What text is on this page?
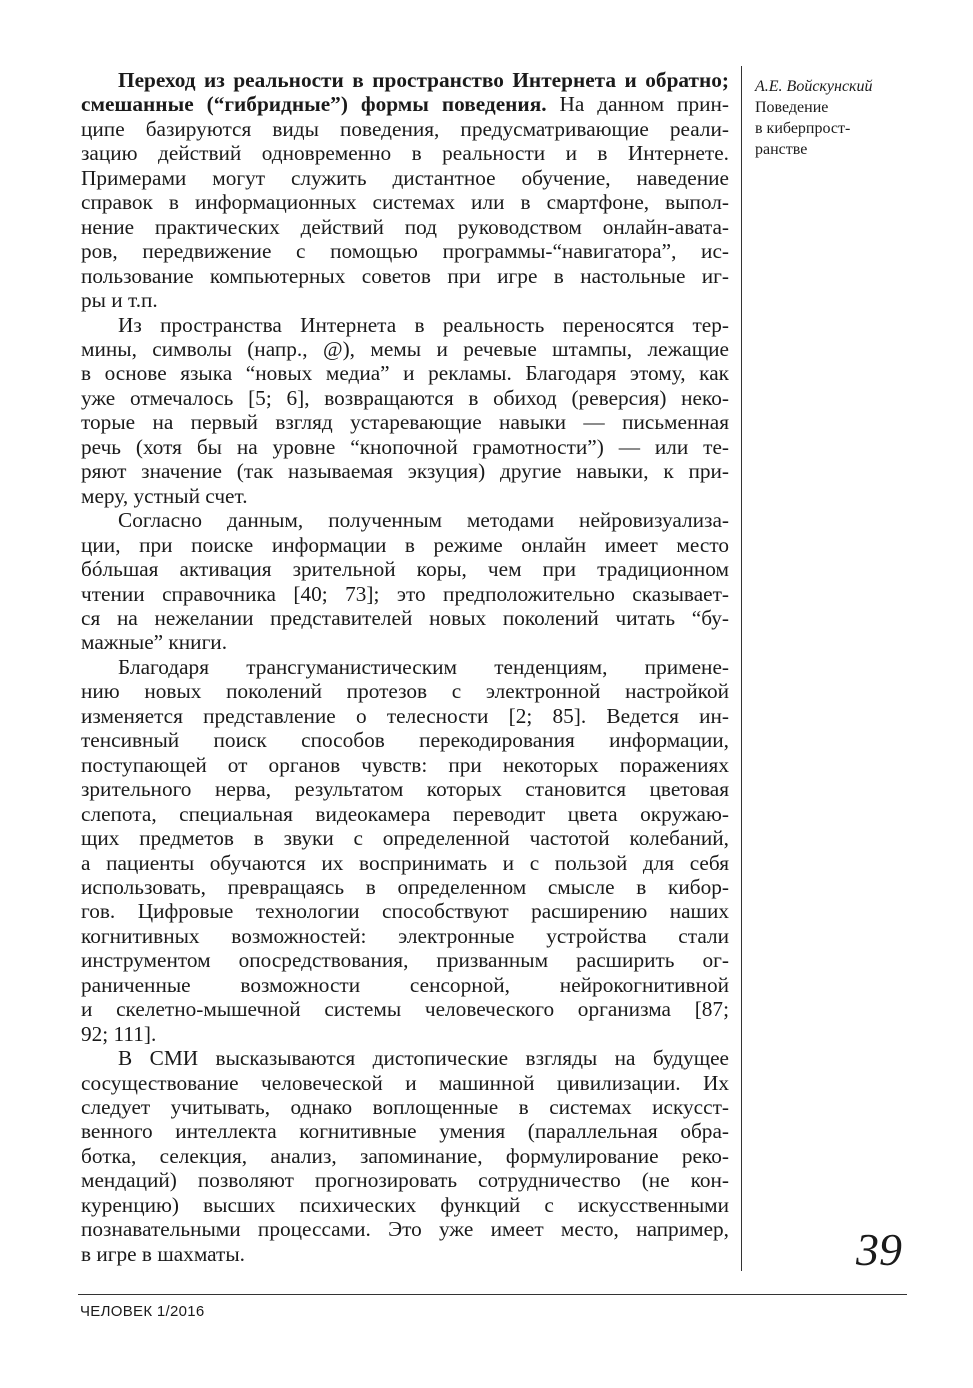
Переход из реальности в пространство Интернета и обратно;
смешанные (“гибридные”) формы поведения. На данном прин-
ципе базируются виды поведения, предусматривающие реали-
зацию действий одновременно в реальности и в Интернете.
Примерами могут служить дистантное обучение, наведение
справок в информационных системах или в смартфоне, выпол-
нение практических действий под руководством онлайн-авата-
ров, передвижение с помощью программы-“навигатора”, ис-
пользование компьютерных советов при игре в настольные иг-
ры и т.п.
Из пространства Интернета в реальность переносятся тер-
мины, символы (напр., @), мемы и речевые штампы, лежащие
в основе языка “новых медиа” и рекламы. Благодаря этому, как
уже отмечалось [5; 6], возвращаются в обиход (реверсия) неко-
торые на первый взгляд устаревающие навыки — письменная
речь (хотя бы на уровне “кнопочной грамотности”) — или те-
ряют значение (так называемая экзуция) другие навыки, к при-
меру, устный счет.
Согласно данным, полученным методами нейровизуализа-
ции, при поиске информации в режиме онлайн имеет место
бóльшая активация зрительной коры, чем при традиционном
чтении справочника [40; 73]; это предположительно сказывает-
ся на нежелании представителей новых поколений читать “бу-
мажные” книги.
Благодаря трансгуманистическим тенденциям, применe-
нию новых поколений протезов с электронной настройкой
изменяется представление о телесности [2; 85]. Ведется ин-
тенсивный поиск способов перекодирования информации,
поступающей от органов чувств: при некоторых поражениях
зрительного нерва, результатом которых становится цветовая
слепота, специальная видеокамера переводит цвета окружаю-
щих предметов в звуки с определенной частотой колебаний,
а пациенты обучаются их воспринимать и с пользой для себя
использовать, превращаясь в определенном смысле в кибор-
гов. Цифровые технологии способствуют расширению наших
когнитивных возможностей: электронные устройства стали
инструментом опосредствования, призванным расширить ог-
раниченные возможности сенсорной, нейрокогнитивной
и скелетно-мышечной системы человеческого организма [87;
92; 111].
В СМИ высказываются дистопические взгляды на будущее
сосуществование человеческой и машинной цивилизации. Их
следует учитывать, однако воплощенные в системах искусст-
венного интеллекта когнитивные умения (параллельная обра-
ботка, селекция, анализ, запоминание, формулирование реко-
мендаций) позволяют прогнозировать сотрудничество (не кон-
куренцию) высших психических функций с искусственными
познавательными процессами. Это уже имеет место, например,
в игре в шахматы.
А.Е. Войскунский
Поведение
в киберпрост-
ранстве
39
ЧЕЛОВЕК 1/2016
